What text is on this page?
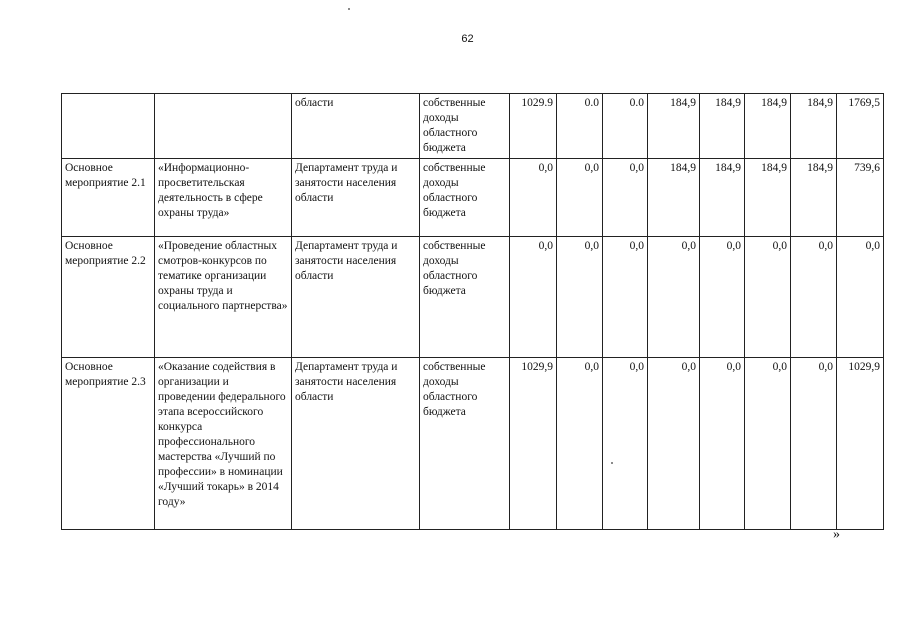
62
		области	собственные доходы областного бюджета	1029.9	0.0	0.0	184,9	184,9	184,9	184,9	1769,5
Основное мероприятие 2.1	«Информационно-просветительская деятельность в сфере охраны труда»	Департамент труда и занятости населения области	собственные доходы областного бюджета	0,0	0,0	0,0	184,9	184,9	184,9	184,9	739,6
Основное мероприятие 2.2	«Проведение областных смотров-конкурсов по тематике организации охраны труда и социального партнерства»	Департамент труда и занятости населения области	собственные доходы областного бюджета	0,0	0,0	0,0	0,0	0,0	0,0	0,0	0,0
Основное мероприятие 2.3	«Оказание содействия в организации и проведении федерального этапа всероссийского конкурса профессионального мастерства «Лучший по профессии» в номинации «Лучший токарь» в 2014 году»	Департамент труда и занятости населения области	собственные доходы областного бюджета	1029,9	0,0	0,0	0,0	0,0	0,0	0,0	1029,9
»
